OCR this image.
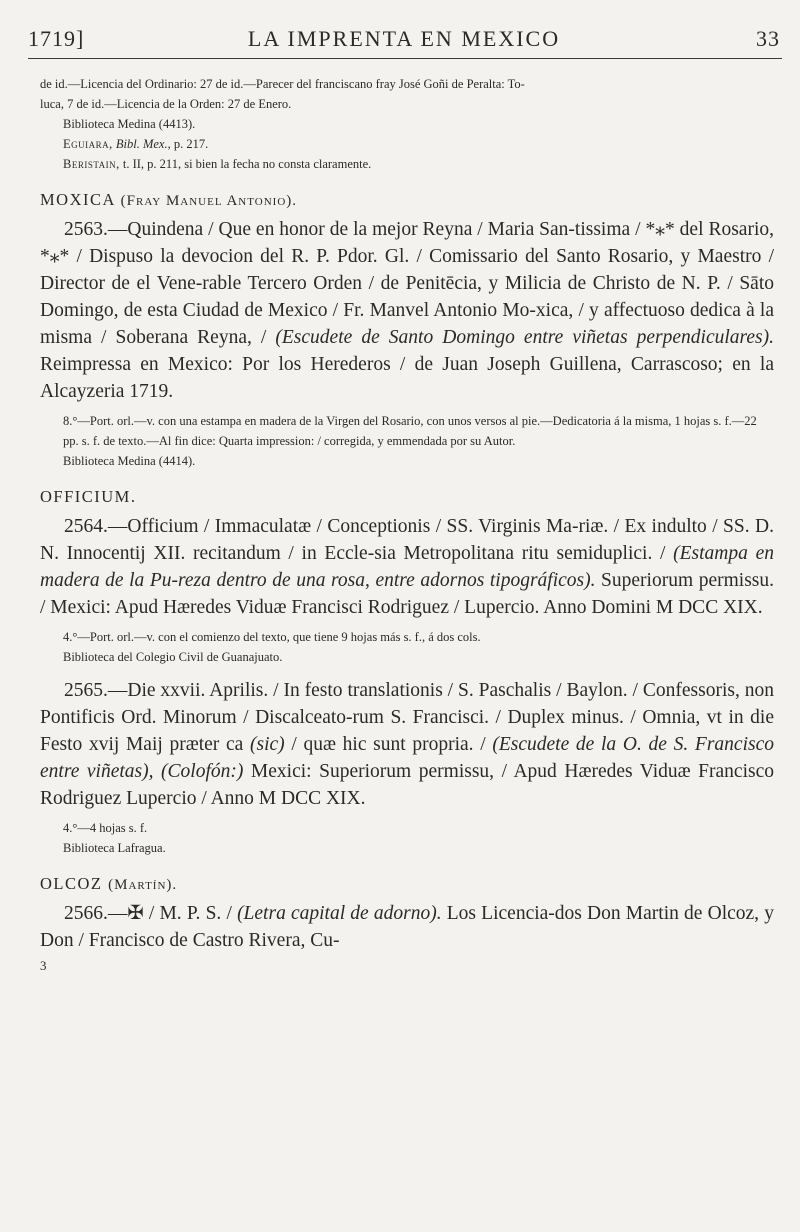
1719]	LA IMPRENTA EN MEXICO	33

de id.—Licencia del Ordinario: 27 de id.—Parecer del franciscano fray José Goñi de Peralta: To-

luca, 7 de id.—Licencia de la Orden: 27 de Enero.

Biblioteca Medina (4413).

Eguiara, Bibl. Mex., p. 217.

Beristain, t. II, p. 211, si bien la fecha no consta claramente.

MOXICA (Fray Manuel Antonio).

2563.—Quindena / Que en honor de la mejor Reyna / Maria San-tissima / *⁎* del Rosario, *⁎* / Dispuso la devocion del R. P. Pdor. Gl. / Comissario del Santo Rosario, y Maestro / Director de el Vene-rable Tercero Orden / de Penitēcia, y Milicia de Christo de N. P. / Sāto Domingo, de esta Ciudad de Mexico / Fr. Manvel Antonio Mo-xica, / y affectuoso dedica à la misma / Soberana Reyna, / (Escudete de Santo Domingo entre viñetas perpendiculares). Reimpressa en Mexico: Por los Herederos / de Juan Joseph Guillena, Carrascoso; en la Alcayzeria 1719.

8.°—Port. orl.—v. con una estampa en madera de la Virgen del Rosario, con unos versos al pie.—Dedicatoria á la misma, 1 hojas s. f.—22 pp. s. f. de texto.—Al fin dice: Quarta impression: / corregida, y emmendada por su Autor.

Biblioteca Medina (4414).

OFFICIUM.

2564.—Officium / Immaculatæ / Conceptionis / SS. Virginis Ma-riæ. / Ex indulto / SS. D. N. Innocentij XII. recitandum / in Eccle-sia Metropolitana ritu semiduplici. / (Estampa en madera de la Pu-reza dentro de una rosa, entre adornos tipográficos). Superiorum permissu. / Mexici: Apud Hæredes Viduæ Francisci Rodriguez / Lupercio. Anno Domini M DCC XIX.

4.°—Port. orl.—v. con el comienzo del texto, que tiene 9 hojas más s. f., á dos cols.

Biblioteca del Colegio Civil de Guanajuato.

2565.—Die xxvii. Aprilis. / In festo translationis / S. Paschalis / Baylon. / Confessoris, non Pontificis Ord. Minorum / Discalceato-rum S. Francisci. / Duplex minus. / Omnia, vt in die Festo xvij Maij præter ca (sic) / quæ hic sunt propria. / (Escudete de la O. de S. Francisco entre viñetas), (Colofón:) Mexici: Superiorum permissu, / Apud Hæredes Viduæ Francisco Rodriguez Lupercio / Anno M DCC XIX.

4.°—4 hojas s. f.

Biblioteca Lafragua.

OLCOZ (Martín).

2566.—✠ / M. P. S. / (Letra capital de adorno). Los Licencia-dos Don Martin de Olcoz, y Don / Francisco de Castro Rivera, Cu-

3
